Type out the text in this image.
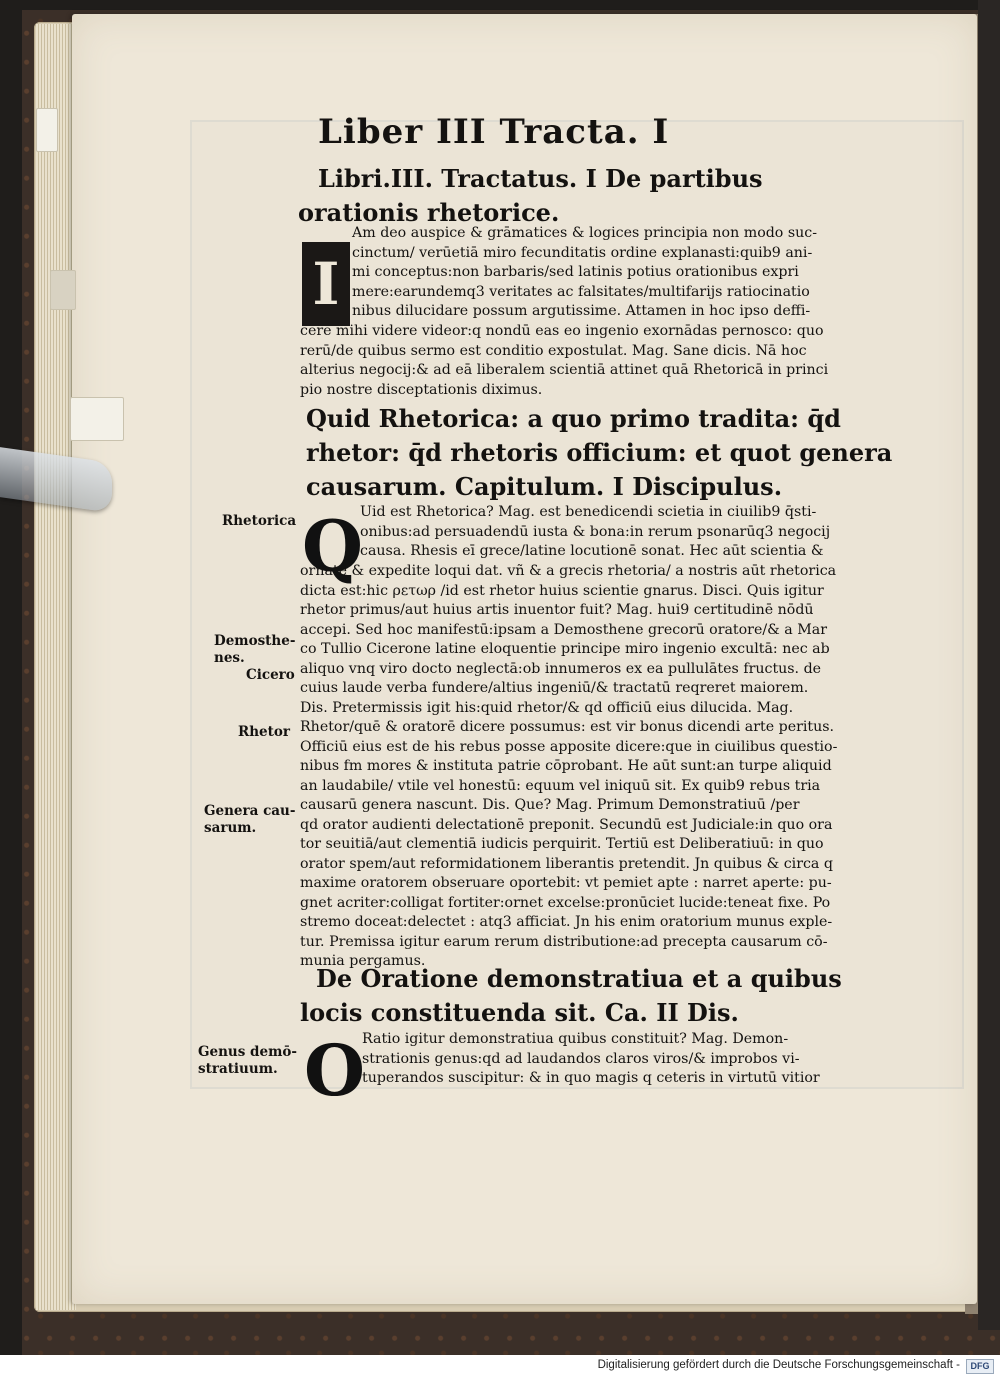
Liber III Tracta. I
Libri.III. Tractatus. I De partibus
orationis rhetorice.
I
Am deo auspice & grāmatices & logices principia non modo suc-
cinctum/ verūetiā miro fecunditatis ordine explanasti:quib9 ani-
mi conceptus:non barbaris/sed latinis potius orationibus expri
mere:earundemq3 veritates ac falsitates/multifarijs ratiocinatio
nibus dilucidare possum argutissime. Attamen in hoc ipso deffi-
cere mihi videre videor:q nondū eas eo ingenio exornādas pernosco: quo
rerū/de quibus sermo est conditio expostulat. Mag. Sane dicis. Nā hoc
alterius negocij:& ad eā liberalem scientiā attinet quā Rhetoricā in princi
pio nostre disceptationis diximus.
Quid Rhetorica: a quo primo tradita: q̄d
rhetor: q̄d rhetoris officium: et quot genera
causarum. Capitulum. I Discipulus.
Q
Uid est Rhetorica? Mag. est benedicendi scietia in ciuilib9 q̄sti-
onibus:ad persuadendū iusta & bona:in rerum psonarūq3 negocij
causa. Rhesis eī grece/latine locutionē sonat. Hec aūt scientia &
ornate & expedite loqui dat. vñ & a grecis rhetoria/ a nostris aūt rhetorica
dicta est:hic ρετωρ /id est rhetor huius scientie gnarus. Disci. Quis igitur
rhetor primus/aut huius artis inuentor fuit? Mag. hui9 certitudinē nōdū
accepi. Sed hoc manifestū:ipsam a Demosthene grecorū oratore/& a Mar
co Tullio Cicerone latine eloquentie principe miro ingenio excultā: nec ab
aliquo vnq viro docto neglectā:ob innumeros ex ea pullulātes fructus. de
cuius laude verba fundere/altius ingeniū/& tractatū reqreret maiorem.
Dis. Pretermissis igit his:quid rhetor/& qd officiū eius dilucida. Mag.
Rhetor/quē & oratorē dicere possumus: est vir bonus dicendi arte peritus.
Officiū eius est de his rebus posse apposite dicere:que in ciuilibus questio-
nibus fm mores & instituta patrie cōprobant. He aūt sunt:an turpe aliquid
an laudabile/ vtile vel honestū: equum vel iniquū sit. Ex quib9 rebus tria
causarū genera nascunt. Dis. Que? Mag. Primum Demonstratiuū /per
qd orator audienti delectationē preponit. Secundū est Judiciale:in quo ora
tor seuitiā/aut clementiā iudicis perquirit. Tertiū est Deliberatiuū: in quo
orator spem/aut reformidationem liberantis pretendit. Jn quibus & circa q
maxime oratorem obseruare oportebit: vt pemiet apte : narret aperte: pu-
gnet acriter:colligat fortiter:ornet excelse:pronūciet lucide:teneat fixe. Po
stremo doceat:delectet : atq3 afficiat. Jn his enim oratorium munus exple-
tur. Premissa igitur earum rerum distributione:ad precepta causarum cō-
munia pergamus.
De Oratione demonstratiua et a quibus
locis constituenda sit. Ca. II Dis.
O
Ratio igitur demonstratiua quibus constituit? Mag. Demon-
strationis genus:qd ad laudandos claros viros/& improbos vi-
tuperandos suscipitur: & in quo magis q ceteris in virtutū vitior
Rhetorica
Demosthe-
nes.
Cicero
Rhetor
Genera cau-
sarum.
Genus demō-
stratiuum.
Digitalisierung gefördert durch die Deutsche Forschungsgemeinschaft -	DFG
